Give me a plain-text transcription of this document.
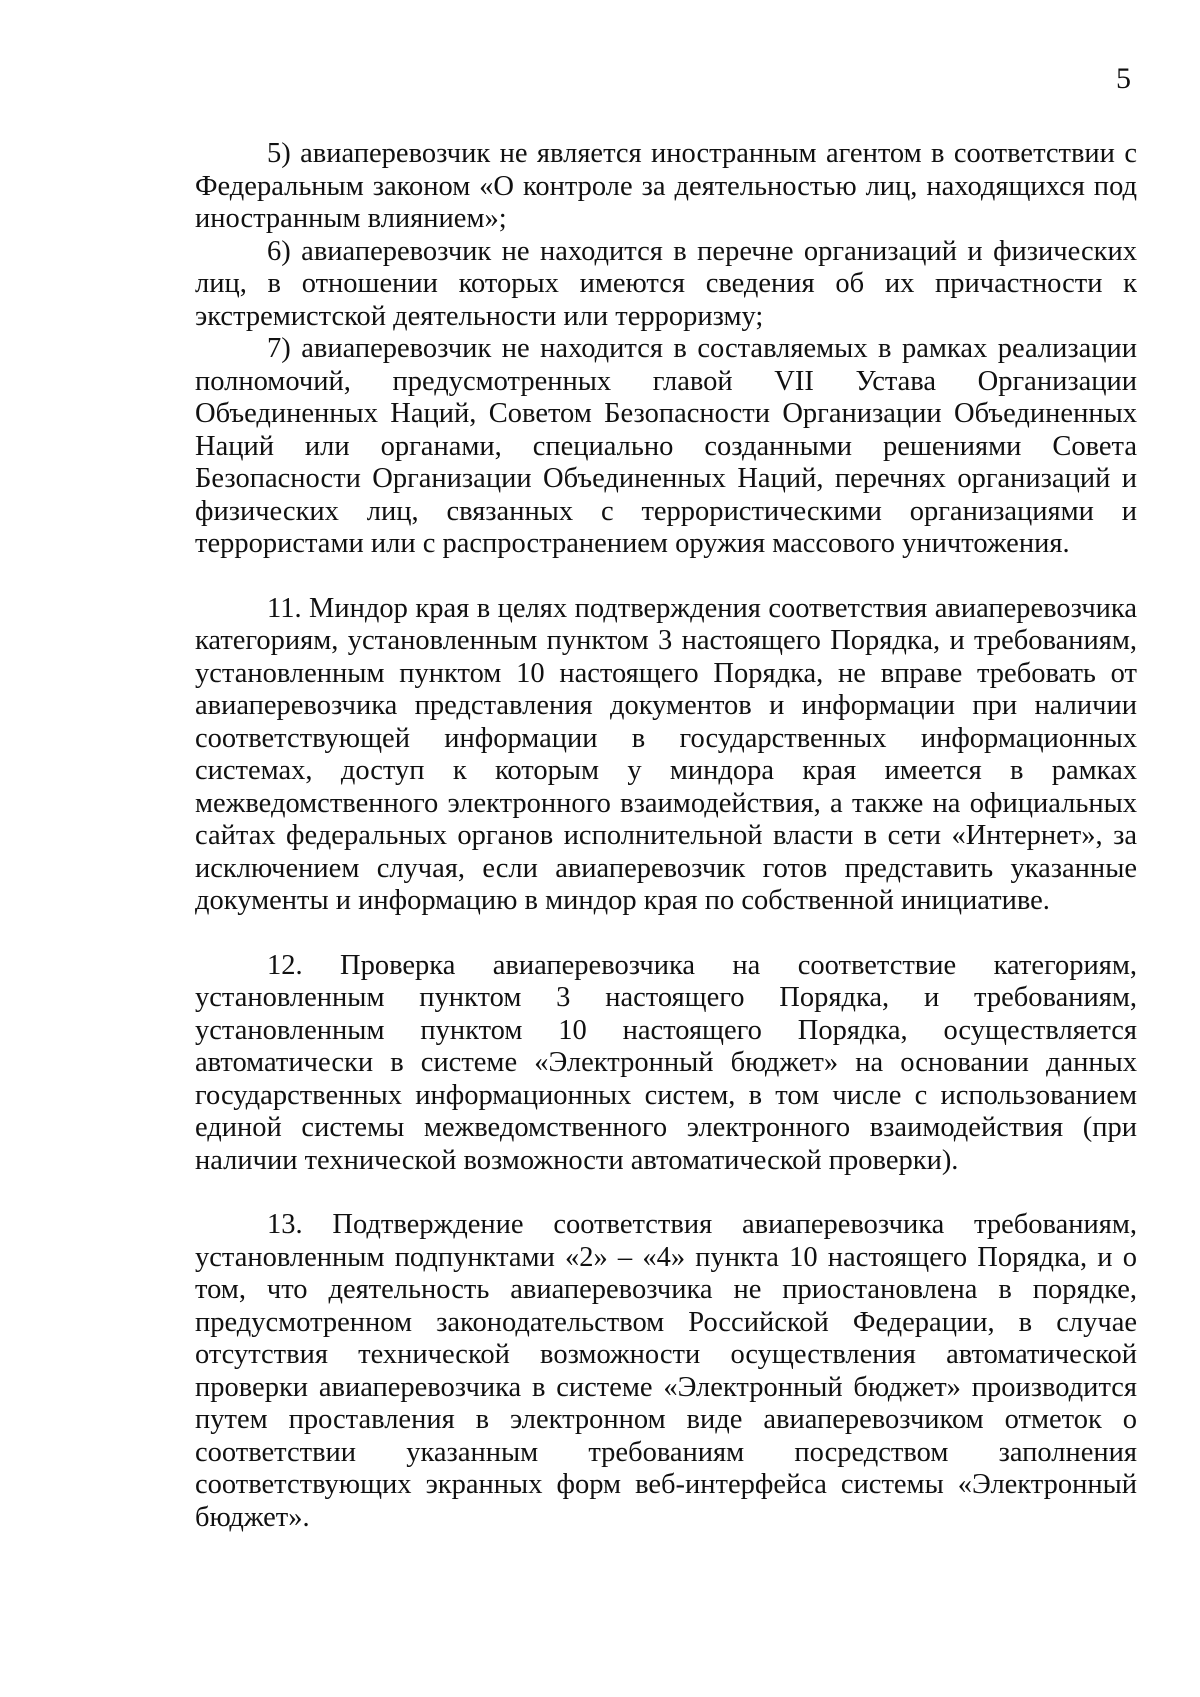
5

5) авиаперевозчик не является иностранным агентом в соответствии с Федеральным законом «О контроле за деятельностью лиц, находящихся под иностранным влиянием»;

6) авиаперевозчик не находится в перечне организаций и физических лиц, в отношении которых имеются сведения об их причастности к экстремистской деятельности или терроризму;

7) авиаперевозчик не находится в составляемых в рамках реализации полномочий, предусмотренных главой VII Устава Организации Объединенных Наций, Советом Безопасности Организации Объединенных Наций или органами, специально созданными решениями Совета Безопасности Организации Объединенных Наций, перечнях организаций и физических лиц, связанных с террористическими организациями и террористами или с распространением оружия массового уничтожения.

11. Миндор края в целях подтверждения соответствия авиаперевозчика категориям, установленным пунктом 3 настоящего Порядка, и требованиям, установленным пунктом 10 настоящего Порядка, не вправе требовать от авиаперевозчика представления документов и информации при наличии соответствующей информации в государственных информационных системах, доступ к которым у миндора края имеется в рамках межведомственного электронного взаимодействия, а также на официальных сайтах федеральных органов исполнительной власти в сети «Интернет», за исключением случая, если авиаперевозчик готов представить указанные документы и информацию в миндор края по собственной инициативе.

12. Проверка авиаперевозчика на соответствие категориям, установленным пунктом 3 настоящего Порядка, и требованиям, установленным пунктом 10 настоящего Порядка, осуществляется автоматически в системе «Электронный бюджет» на основании данных государственных информационных систем, в том числе с использованием единой системы межведомственного электронного взаимодействия (при наличии технической возможности автоматической проверки).

13. Подтверждение соответствия авиаперевозчика требованиям, установленным подпунктами «2» – «4» пункта 10 настоящего Порядка, и о том, что деятельность авиаперевозчика не приостановлена в порядке, предусмотренном законодательством Российской Федерации, в случае отсутствия технической возможности осуществления автоматической проверки авиаперевозчика в системе «Электронный бюджет» производится путем проставления в электронном виде авиаперевозчиком отметок о соответствии указанным требованиям посредством заполнения соответствующих экранных форм веб-интерфейса системы «Электронный бюджет».
